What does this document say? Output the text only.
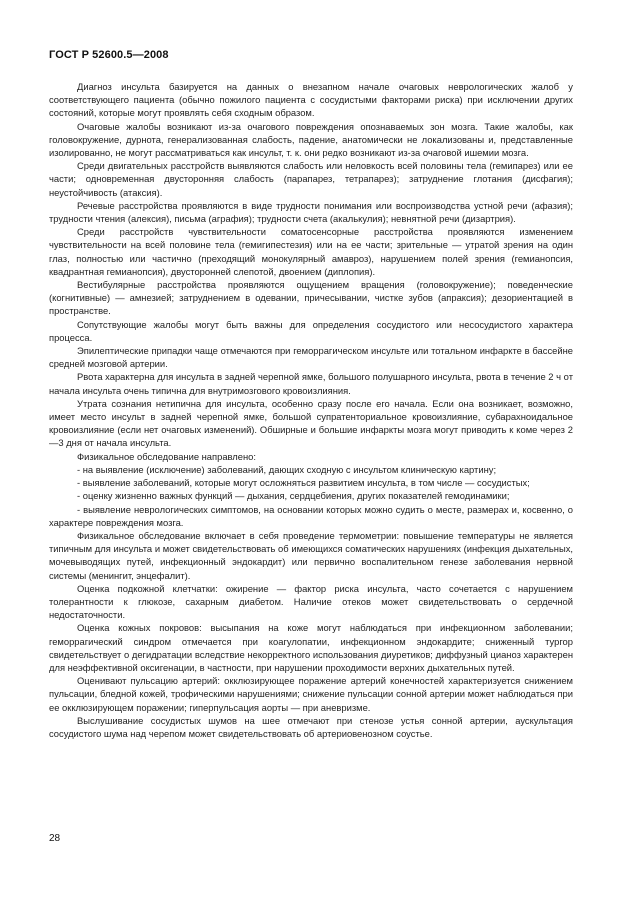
ГОСТ Р 52600.5—2008

Диагноз инсульта базируется на данных о внезапном начале очаговых неврологических жалоб у соответствующего пациента (обычно пожилого пациента с сосудистыми факторами риска) при исключении других состояний, которые могут проявлять себя сходным образом.

Очаговые жалобы возникают из-за очагового повреждения опознаваемых зон мозга. Такие жалобы, как головокружение, дурнота, генерализованная слабость, падение, анатомически не локализованы и, представленные изолированно, не могут рассматриваться как инсульт, т. к. они редко возникают из-за очаговой ишемии мозга.

Среди двигательных расстройств выявляются слабость или неловкость всей половины тела (гемипарез) или ее части; одновременная двусторонняя слабость (парапарез, тетрапарез); затруднение глотания (дисфагия); неустойчивость (атаксия).

Речевые расстройства проявляются в виде трудности понимания или воспроизводства устной речи (афазия); трудности чтения (алексия), письма (аграфия); трудности счета (акалькулия); невнятной речи (дизартрия).

Среди расстройств чувствительности соматосенсорные расстройства проявляются изменением чувствительности на всей половине тела (гемигипестезия) или на ее части; зрительные — утратой зрения на один глаз, полностью или частично (преходящий монокулярный амавроз), нарушением полей зрения (гемианопсия, квадрантная гемианопсия), двусторонней слепотой, двоением (диплопия).

Вестибулярные расстройства проявляются ощущением вращения (головокружение); поведенческие (когнитивные) — амнезией; затруднением в одевании, причесывании, чистке зубов (апраксия); дезориентацией в пространстве.

Сопутствующие жалобы могут быть важны для определения сосудистого или несосудистого характера процесса.

Эпилептические припадки чаще отмечаются при геморрагическом инсульте или тотальном инфаркте в бассейне средней мозговой артерии.

Рвота характерна для инсульта в задней черепной ямке, большого полушарного инсульта, рвота в течение 2 ч от начала инсульта очень типична для внутримозгового кровоизлияния.

Утрата сознания нетипична для инсульта, особенно сразу после его начала. Если она возникает, возможно, имеет место инсульт в задней черепной ямке, большой супратенториальное кровоизлияние, субарахноидальное кровоизлияние (если нет очаговых изменений). Обширные и большие инфаркты мозга могут приводить к коме через 2—3 дня от начала инсульта.

Физикальное обследование направлено:

- на выявление (исключение) заболеваний, дающих сходную с инсультом клиническую картину;

- выявление заболеваний, которые могут осложняться развитием инсульта, в том числе — сосудистых;

- оценку жизненно важных функций — дыхания, сердцебиения, других показателей гемодинамики;

- выявление неврологических симптомов, на основании которых можно судить о месте, размерах и, косвенно, о характере повреждения мозга.

Физикальное обследование включает в себя проведение термометрии: повышение температуры не является типичным для инсульта и может свидетельствовать об имеющихся соматических нарушениях (инфекция дыхательных, мочевыводящих путей, инфекционный эндокардит) или первично воспалительном генезе заболевания нервной системы (менингит, энцефалит).

Оценка подкожной клетчатки: ожирение — фактор риска инсульта, часто сочетается с нарушением толерантности к глюкозе, сахарным диабетом. Наличие отеков может свидетельствовать о сердечной недостаточности.

Оценка кожных покровов: высыпания на коже могут наблюдаться при инфекционном заболевании; геморрагический синдром отмечается при коагулопатии, инфекционном эндокардите; сниженный тургор свидетельствует о дегидратации вследствие некорректного использования диуретиков; диффузный цианоз характерен для неэффективной оксигенации, в частности, при нарушении проходимости верхних дыхательных путей.

Оценивают пульсацию артерий: окклюзирующее поражение артерий конечностей характеризуется снижением пульсации, бледной кожей, трофическими нарушениями; снижение пульсации сонной артерии может наблюдаться при ее окклюзирующем поражении; гиперпульсация аорты — при аневризме.

Выслушивание сосудистых шумов на шее отмечают при стенозе устья сонной артерии, аускультация сосудистого шума над черепом может свидетельствовать об артериовенозном соустье.

28
